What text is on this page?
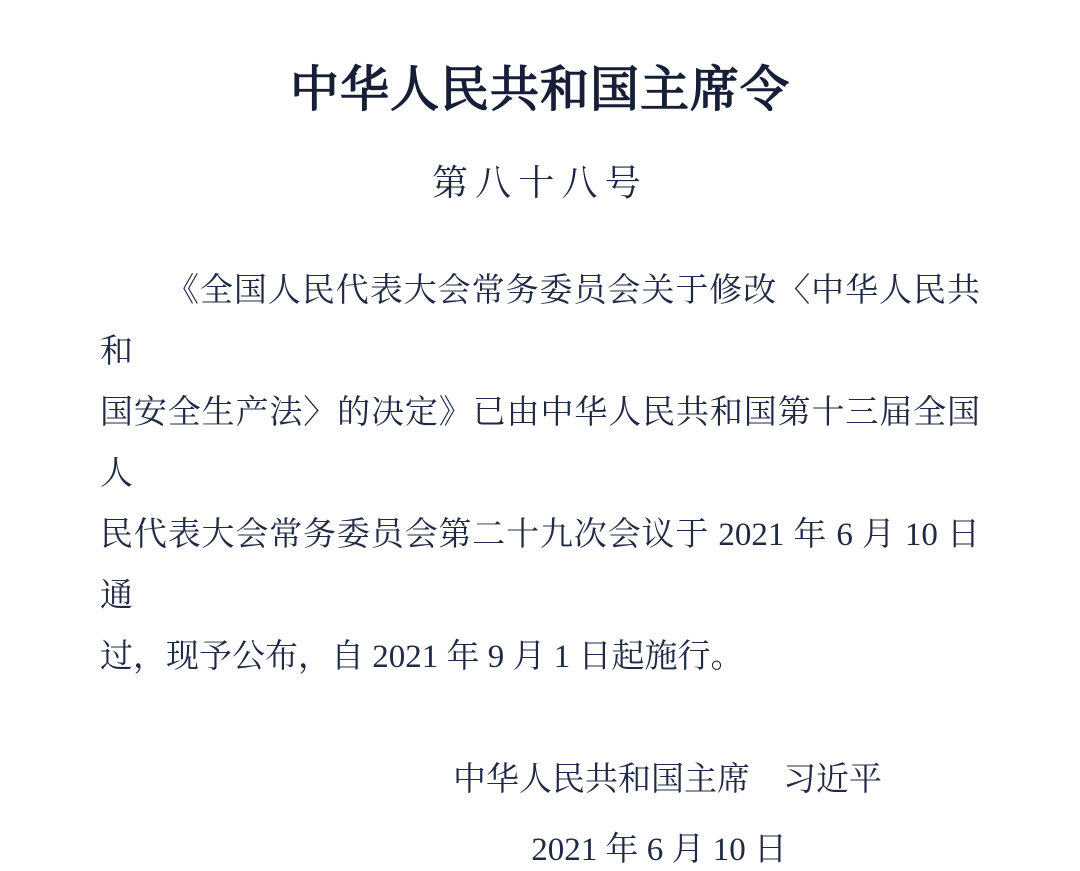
中华人民共和国主席令
第八十八号
《全国人民代表大会常务委员会关于修改〈中华人民共和
国安全生产法〉的决定》已由中华人民共和国第十三届全国人
民代表大会常务委员会第二十九次会议于 2021 年 6 月 10 日通
过，现予公布，自 2021 年 9 月 1 日起施行。
中华人民共和国主席　习近平
2021 年 6 月 10 日
